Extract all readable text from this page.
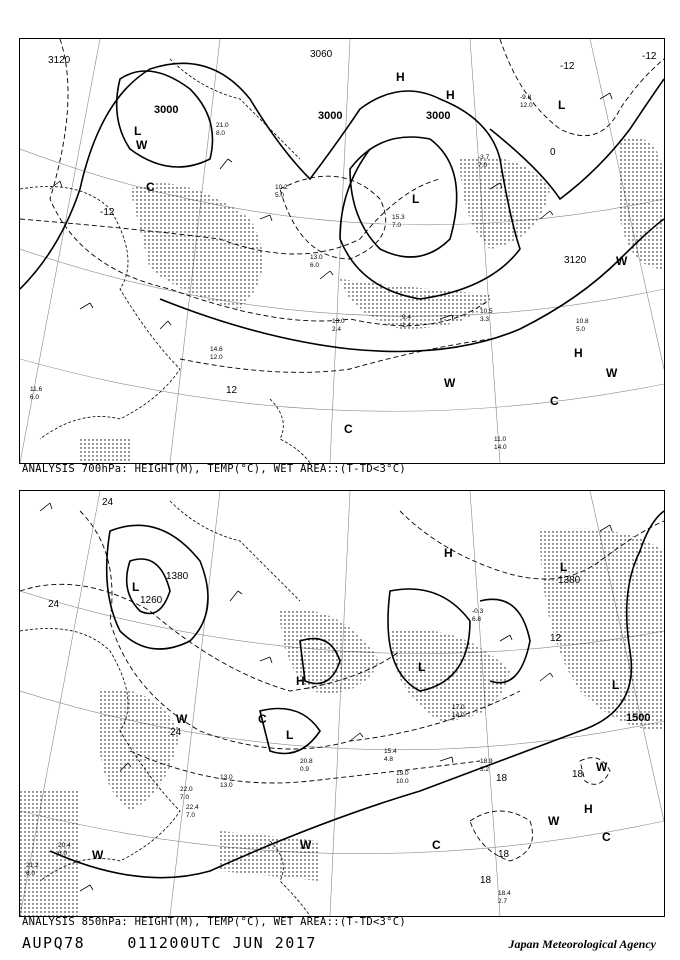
3120
3000	3000	3000
3060
3120
-12
-12
0
-12
12
L
L
L
H
H
H
C
C
C
W
W
W
W
10.2
5.0
21.0
8.0
13.0
6.0
15.3
7.0
9.4
1.4
10.8
5.0
10.5
3.3
11.0
14.0
11.6
6.0
13.0
2.4
14.6
12.0
-3.7
7.0
-9.8
12.0
ANALYSIS 700hPa: HEIGHT(M), TEMP(°C), WET AREA::(T-TD<3°C)
1380
1260
1380
1500
24
24
24
12
18	18
18
18
L
L
L
L
L
H
H
H
C
C
C
W
W
W
W
W
18.9
3.2
19.0
10.0
22.4
7.0
20.8
0.9
13.0
13.0
17.0
14.0
18.4
2.7
20.4
6.0
15.4
4.8
22.0
7.0
-0.3
6.8
21.2
6.0
ANALYSIS 850hPa: HEIGHT(M), TEMP(°C), WET AREA::(T-TD<3°C)
AUPQ78	011200UTC JUN 2017	Japan Meteorological Agency
